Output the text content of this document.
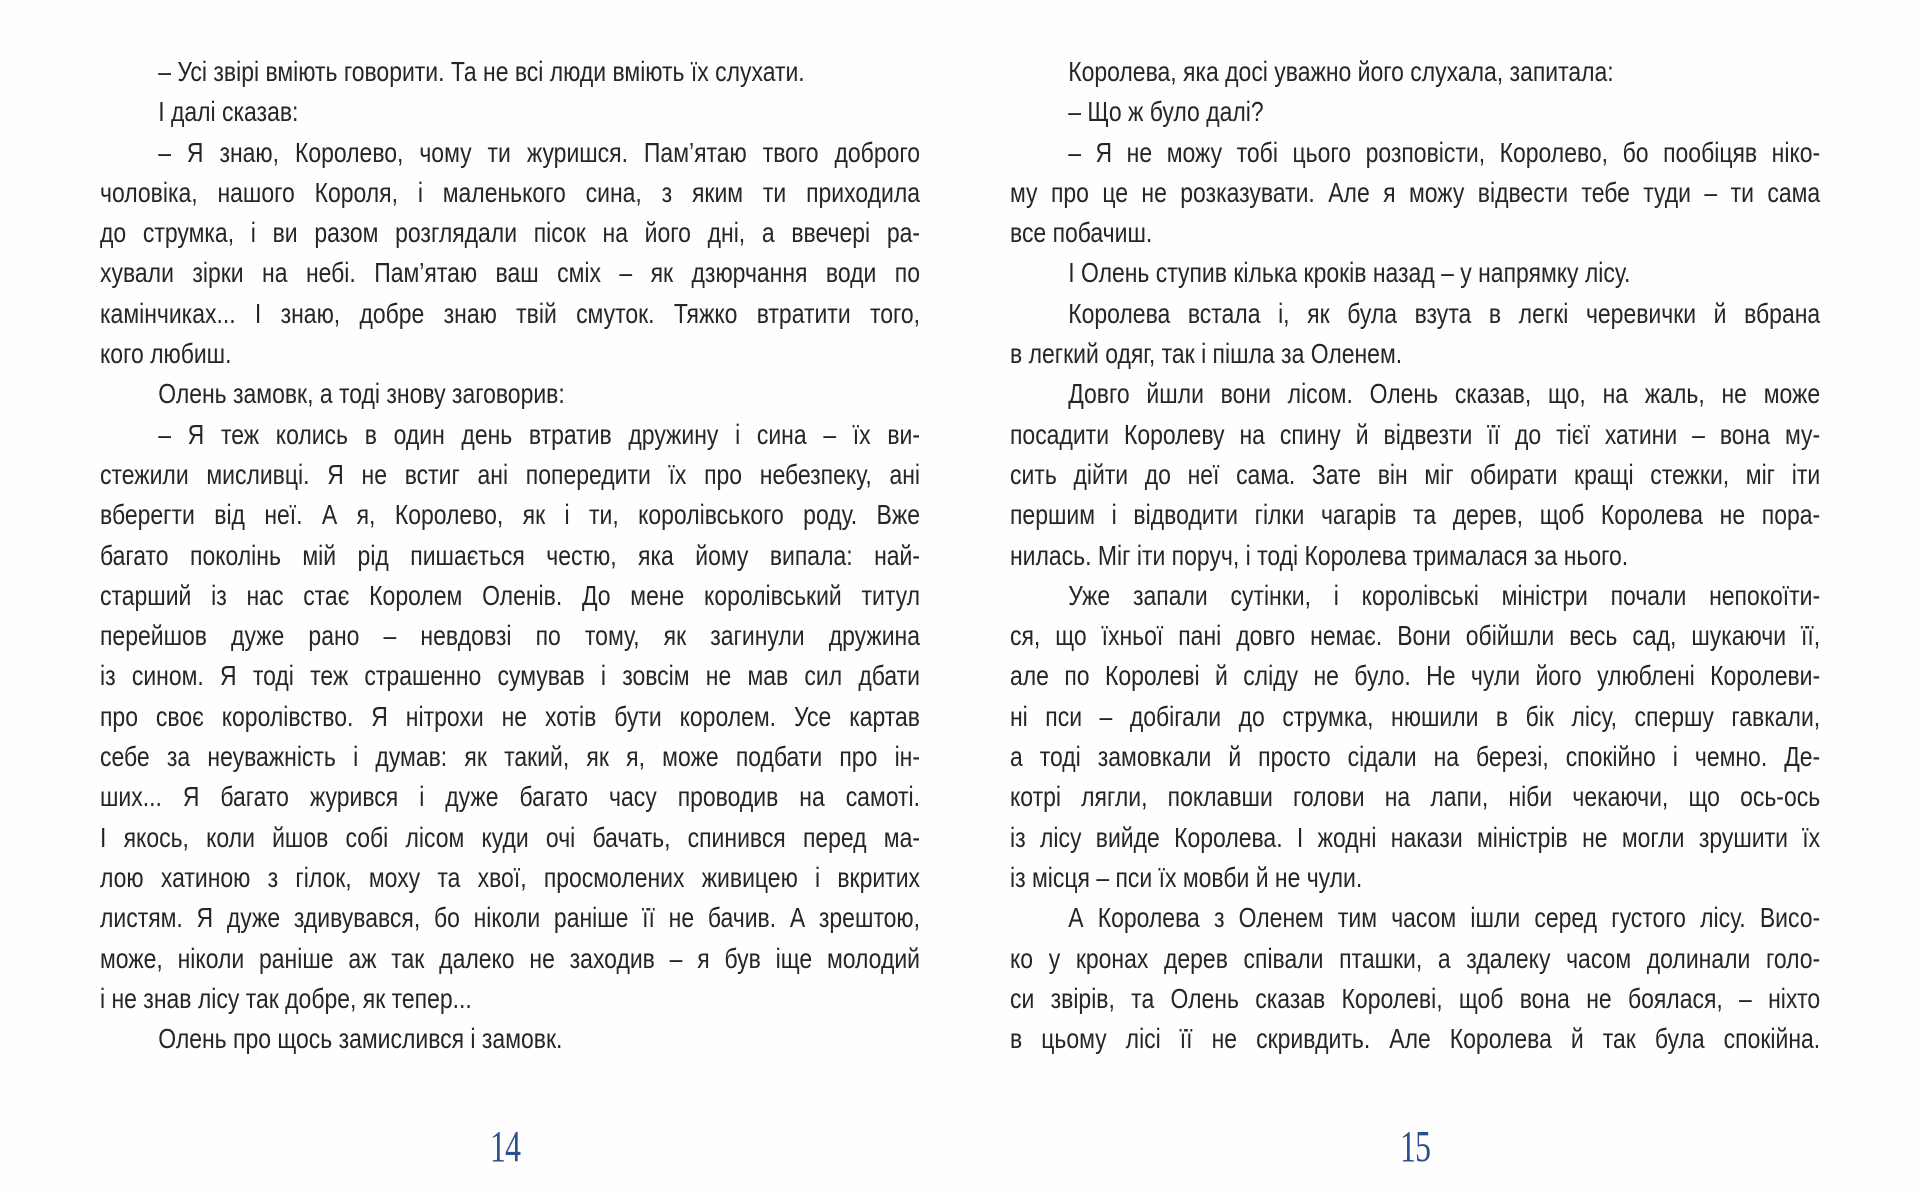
– Усі звірі вміють говорити. Та не всі люди вміють їх слухати.
І далі сказав:
– Я знаю, Королево, чому ти журишся. Пам’ятаю твого доброго
чоловіка, нашого Короля, і маленького сина, з яким ти приходила
до струмка, і ви разом розглядали пісок на його дні, а ввечері ра-
хували зірки на небі. Пам’ятаю ваш сміх – як дзюрчання води по
камінчиках... І знаю, добре знаю твій смуток. Тяжко втратити того,
кого любиш.
Олень замовк, а тоді знову заговорив:
– Я теж колись в один день втратив дружину і сина – їх ви-
стежили мисливці. Я не встиг ані попередити їх про небезпеку, ані
вберегти від неї. А я, Королево, як і ти, королівського роду. Вже
багато поколінь мій рід пишається честю, яка йому випала: най-
старший із нас стає Королем Оленів. До мене королівський титул
перейшов дуже рано – невдовзі по тому, як загинули дружина
із сином. Я тоді теж страшенно сумував і зовсім не мав сил дбати
про своє королівство. Я нітрохи не хотів бути королем. Усе картав
себе за неуважність і думав: як такий, як я, може подбати про ін-
ших... Я багато журився і дуже багато часу проводив на самоті.
І якось, коли йшов собі лісом куди очі бачать, спинився перед ма-
лою хатиною з гілок, моху та хвої, просмолених живицею і вкритих
листям. Я дуже здивувався, бо ніколи раніше її не бачив. А зрештою,
може, ніколи раніше аж так далеко не заходив – я був іще молодий
і не знав лісу так добре, як тепер...
Олень про щось замислився і замовк.
14
Королева, яка досі уважно його слухала, запитала:
– Що ж було далі?
– Я не можу тобі цього розповісти, Королево, бо пообіцяв ніко-
му про це не розказувати. Але я можу відвести тебе туди – ти сама
все побачиш.
І Олень ступив кілька кроків назад – у напрямку лісу.
Королева встала і, як була взута в легкі черевички й вбрана
в легкий одяг, так і пішла за Оленем.
Довго йшли вони лісом. Олень сказав, що, на жаль, не може
посадити Королеву на спину й відвезти її до тієї хатини – вона му-
сить дійти до неї сама. Зате він міг обирати кращі стежки, міг іти
першим і відводити гілки чагарів та дерев, щоб Королева не пора-
нилась. Міг іти поруч, і тоді Королева трималася за нього.
Уже запали сутінки, і королівські міністри почали непокоїти-
ся, що їхньої пані довго немає. Вони обійшли весь сад, шукаючи її,
але по Королеві й сліду не було. Не чули його улюблені Королеви-
ні пси – добігали до струмка, нюшили в бік лісу, спершу гавкали,
а тоді замовкали й просто сідали на березі, спокійно і чемно. Де-
котрі лягли, поклавши голови на лапи, ніби чекаючи, що ось-ось
із лісу вийде Королева. І жодні накази міністрів не могли зрушити їх
із місця – пси їх мовби й не чули.
А Королева з Оленем тим часом ішли серед густого лісу. Висо-
ко у кронах дерев співали пташки, а здалеку часом долинали голо-
си звірів, та Олень сказав Королеві, щоб вона не боялася, – ніхто
в цьому лісі її не скривдить. Але Королева й так була спокійна.
15
